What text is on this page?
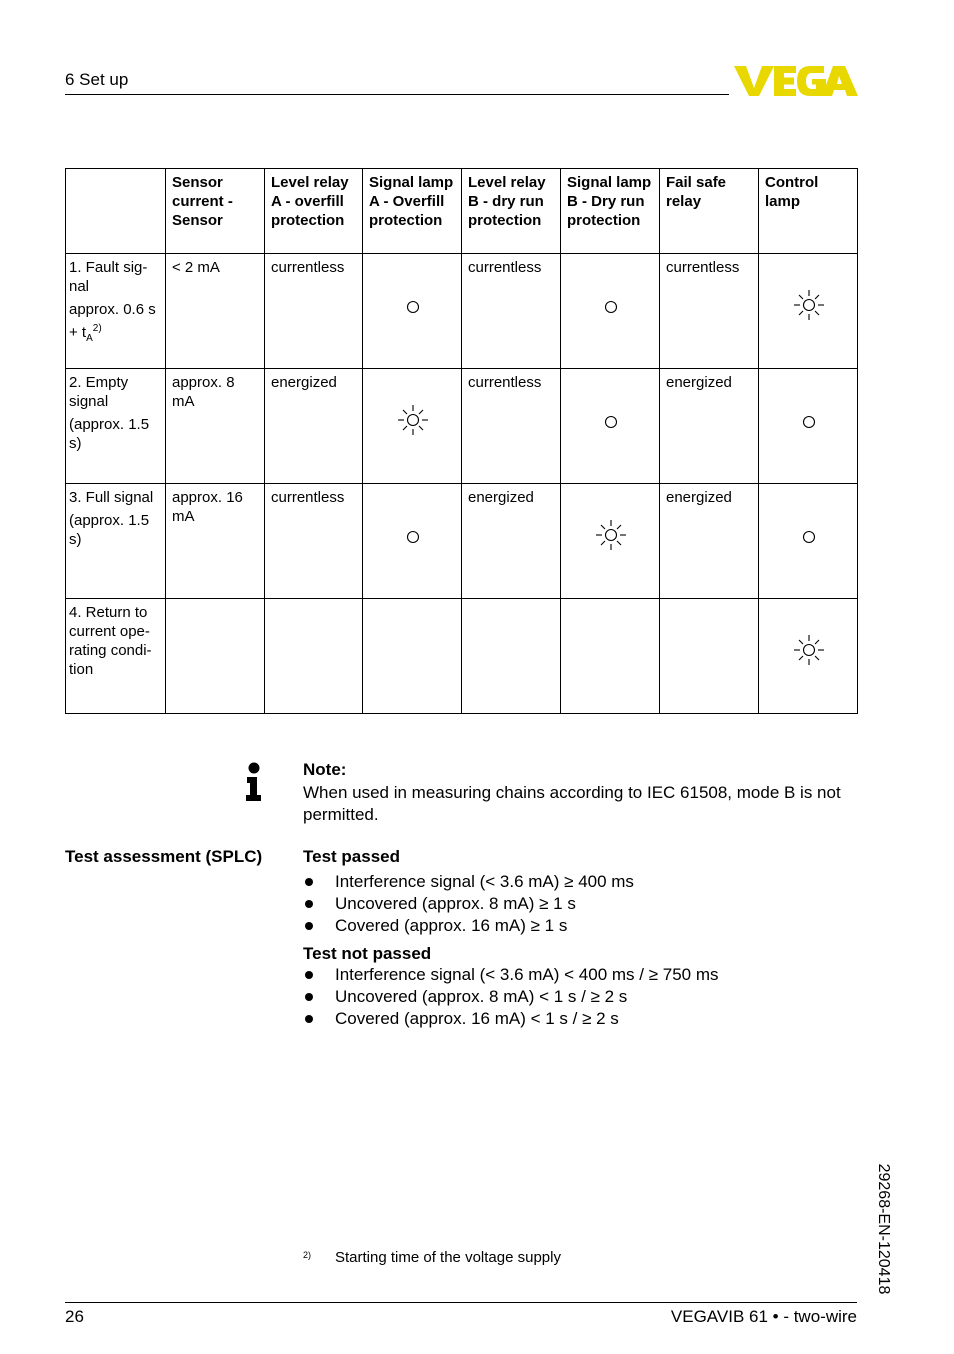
6 Set up
	Sensor current - Sensor	Level relay A - overfill protection	Signal lamp A - Overfill protection	Level relay B - dry run protection	Signal lamp B - Dry run protection	Fail safe relay	Control lamp

1. Fault sig-nal
approx. 0.6 s
+ $t_A^{2)}$	< 2 mA	currentless		currentless		currentless	

2. Empty signal
(approx. 1.5 s)	approx. 8 mA	energized		currentless		energized	

3. Full signal
(approx. 1.5 s)	approx. 16 mA	currentless		energized		energized	

4. Return to current ope-rating condi-tion							
Note:
When used in measuring chains according to IEC 61508, mode B is not permitted.
Test assessment (SPLC) Test passed
Interference signal (< 3.6 mA) ≥ 400 ms
Uncovered (approx. 8 mA) ≥ 1 s
Covered (approx. 16 mA) ≥ 1 s
Test not passed
Interference signal (< 3.6 mA) < 400 ms / ≥ 750 ms
Uncovered (approx. 8 mA) < 1 s / ≥ 2 s
Covered (approx. 16 mA) < 1 s / ≥ 2 s
29268-EN-120418
2) Starting time of the voltage supply
26	VEGAVIB 61 • - two-wire
